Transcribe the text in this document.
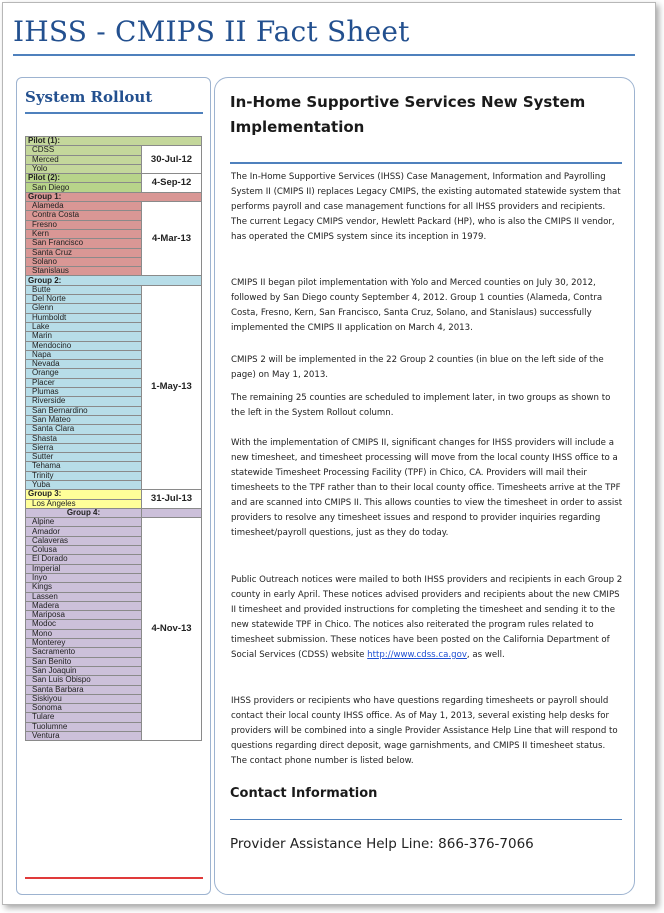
IHSS - CMIPS II Fact Sheet
System Rollout
Pilot (1):	
CDSS	30-Jul-12
Merced	
Yolo	
Pilot (2):	4-Sep-12
San Diego	
Group 1:	
Alameda	4-Mar-13
Contra Costa	
Fresno	
Kern	
San Francisco	
Santa Cruz	
Solano	
Stanislaus	
Group 2:	
Butte	1-May-13
Del Norte	
Glenn	
Humboldt	
Lake	
Marin	
Mendocino	
Napa	
Nevada	
Orange	
Placer	
Plumas	
Riverside	
San Bernardino	
San Mateo	
Santa Clara	
Shasta	
Sierra	
Sutter	
Tehama	
Trinity	
Yuba	
Group 3:	31-Jul-13
Los Angeles	
Group 4:	
Alpine	4-Nov-13
Amador	
Calaveras	
Colusa	
El Dorado	
Imperial	
Inyo	
Kings	
Lassen	
Madera	
Mariposa	
Modoc	
Mono	
Monterey	
Sacramento	
San Benito	
San Joaquin	
San Luis Obispo	
Santa Barbara	
Siskiyou	
Sonoma	
Tulare	
Tuolumne	
Ventura	
In-Home Supportive Services New System Implementation

The In-Home Supportive Services (IHSS) Case Management, Information and Payrolling System II (CMIPS II) replaces Legacy CMIPS, the existing automated statewide system that performs payroll and case management functions for all IHSS providers and recipients. The current Legacy CMIPS vendor, Hewlett Packard (HP), who is also the CMIPS II vendor, has operated the CMIPS system since its inception in 1979.

CMIPS II began pilot implementation with Yolo and Merced counties on July 30, 2012, followed by San Diego county September 4, 2012. Group 1 counties (Alameda, Contra Costa, Fresno, Kern, San Francisco, Santa Cruz, Solano, and Stanislaus) successfully implemented the CMIPS II application on March 4, 2013.

CMIPS 2 will be implemented in the 22 Group 2 counties (in blue on the left side of the page) on May 1, 2013.

The remaining 25 counties are scheduled to implement later, in two groups as shown to the left in the System Rollout column.

With the implementation of CMIPS II, significant changes for IHSS providers will include a new timesheet, and timesheet processing will move from the local county IHSS office to a statewide Timesheet Processing Facility (TPF) in Chico, CA. Providers will mail their timesheets to the TPF rather than to their local county office. Timesheets arrive at the TPF and are scanned into CMIPS II. This allows counties to view the timesheet in order to assist providers to resolve any timesheet issues and respond to provider inquiries regarding timesheet/payroll questions, just as they do today.

Public Outreach notices were mailed to both IHSS providers and recipients in each Group 2 county in early April. These notices advised providers and recipients about the new CMIPS II timesheet and provided instructions for completing the timesheet and sending it to the new statewide TPF in Chico. The notices also reiterated the program rules related to timesheet submission. These notices have been posted on the California Department of Social Services (CDSS) website http://www.cdss.ca.gov, as well.

IHSS providers or recipients who have questions regarding timesheets or payroll should contact their local county IHSS office. As of May 1, 2013, several existing help desks for providers will be combined into a single Provider Assistance Help Line that will respond to questions regarding direct deposit, wage garnishments, and CMIPS II timesheet status. The contact phone number is listed below.

Contact Information

Provider Assistance Help Line: 866-376-7066
